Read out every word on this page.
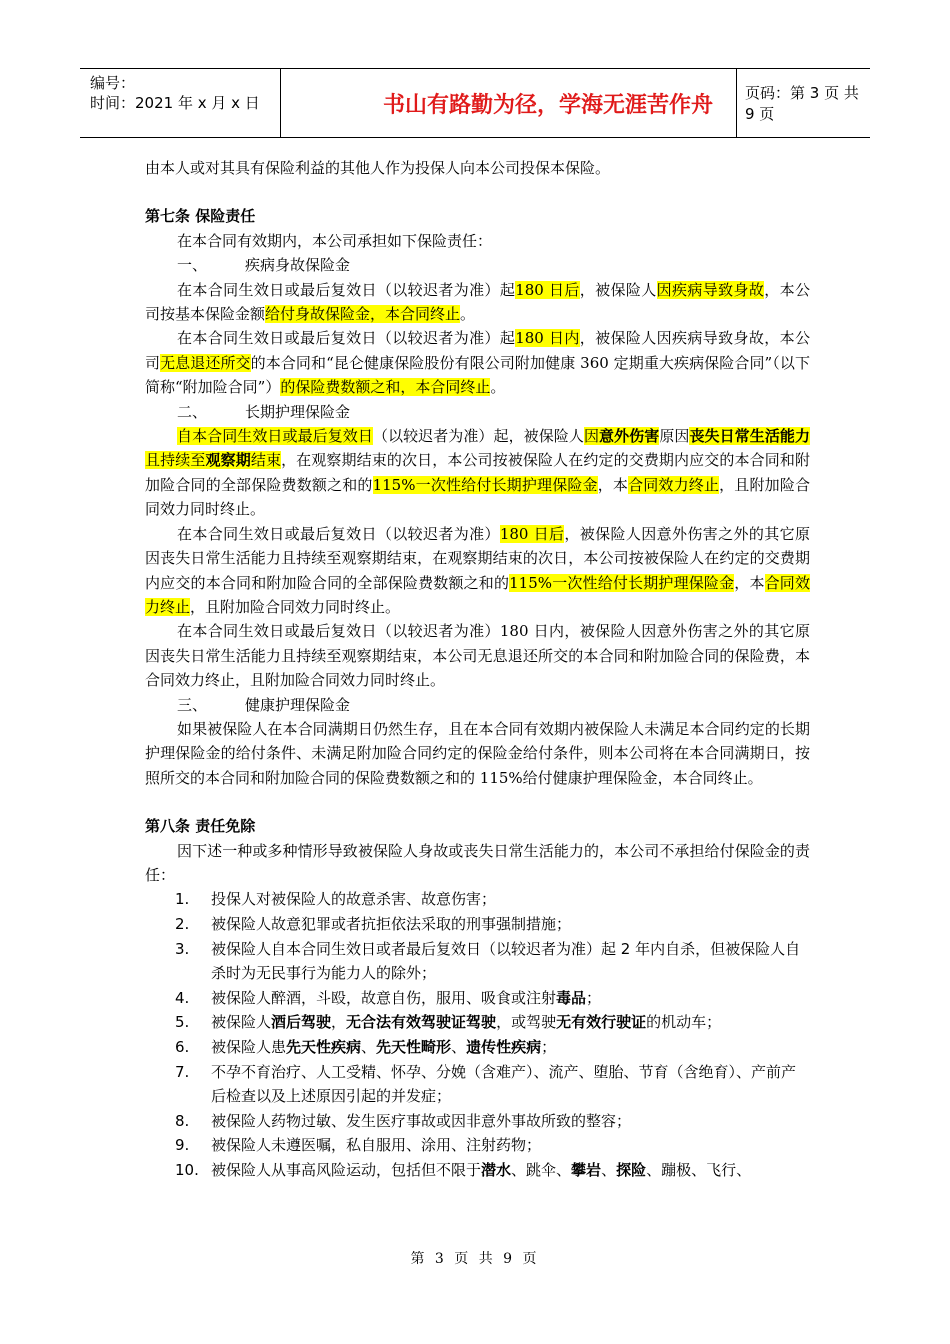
编号：
时间：2021 年 x 月 x 日	书山有路勤为径，学海无涯苦作舟	页码：第 3 页 共 9 页

由本人或对其具有保险利益的其他人作为投保人向本公司投保本保险。

第七条 保险责任

在本合同有效期内，本公司承担如下保险责任：

一、	疾病身故保险金

在本合同生效日或最后复效日（以较迟者为准）起180 日后，被保险人因疾病导致身故，本公司按基本保险金额给付身故保险金，本合同终止。

在本合同生效日或最后复效日（以较迟者为准）起180 日内，被保险人因疾病导致身故，本公司无息退还所交的本合同和“昆仑健康保险股份有限公司附加健康 360 定期重大疾病保险合同”（以下简称“附加险合同”）的保险费数额之和，本合同终止。

二、	长期护理保险金

自本合同生效日或最后复效日（以较迟者为准）起，被保险人因意外伤害原因丧失日常生活能力且持续至观察期结束，在观察期结束的次日，本公司按被保险人在约定的交费期内应交的本合同和附加险合同的全部保险费数额之和的115%一次性给付长期护理保险金，本合同效力终止，且附加险合同效力同时终止。

在本合同生效日或最后复效日（以较迟者为准）180 日后，被保险人因意外伤害之外的其它原因丧失日常生活能力且持续至观察期结束，在观察期结束的次日，本公司按被保险人在约定的交费期内应交的本合同和附加险合同的全部保险费数额之和的115%一次性给付长期护理保险金，本合同效力终止，且附加险合同效力同时终止。

在本合同生效日或最后复效日（以较迟者为准）180 日内，被保险人因意外伤害之外的其它原因丧失日常生活能力且持续至观察期结束，本公司无息退还所交的本合同和附加险合同的保险费，本合同效力终止，且附加险合同效力同时终止。

三、	健康护理保险金

如果被保险人在本合同满期日仍然生存，且在本合同有效期内被保险人未满足本合同约定的长期护理保险金的给付条件、未满足附加险合同约定的保险金给付条件，则本公司将在本合同满期日，按照所交的本合同和附加险合同的保险费数额之和的 115%给付健康护理保险金，本合同终止。

第八条 责任免除

因下述一种或多种情形导致被保险人身故或丧失日常生活能力的，本公司不承担给付保险金的责任：

1. 投保人对被保险人的故意杀害、故意伤害；
2. 被保险人故意犯罪或者抗拒依法采取的刑事强制措施；
3. 被保险人自本合同生效日或者最后复效日（以较迟者为准）起 2 年内自杀，但被保险人自杀时为无民事行为能力人的除外；
4. 被保险人醉酒，斗殴，故意自伤，服用、吸食或注射毒品；
5. 被保险人酒后驾驶，无合法有效驾驶证驾驶，或驾驶无有效行驶证的机动车；
6. 被保险人患先天性疾病、先天性畸形、遗传性疾病；
7. 不孕不育治疗、人工受精、怀孕、分娩（含难产）、流产、堕胎、节育（含绝育）、产前产后检查以及上述原因引起的并发症；
8. 被保险人药物过敏、发生医疗事故或因非意外事故所致的整容；
9. 被保险人未遵医嘱，私自服用、涂用、注射药物；
10. 被保险人从事高风险运动，包括但不限于潜水、跳伞、攀岩、探险、蹦极、飞行、
第 3 页 共 9 页
